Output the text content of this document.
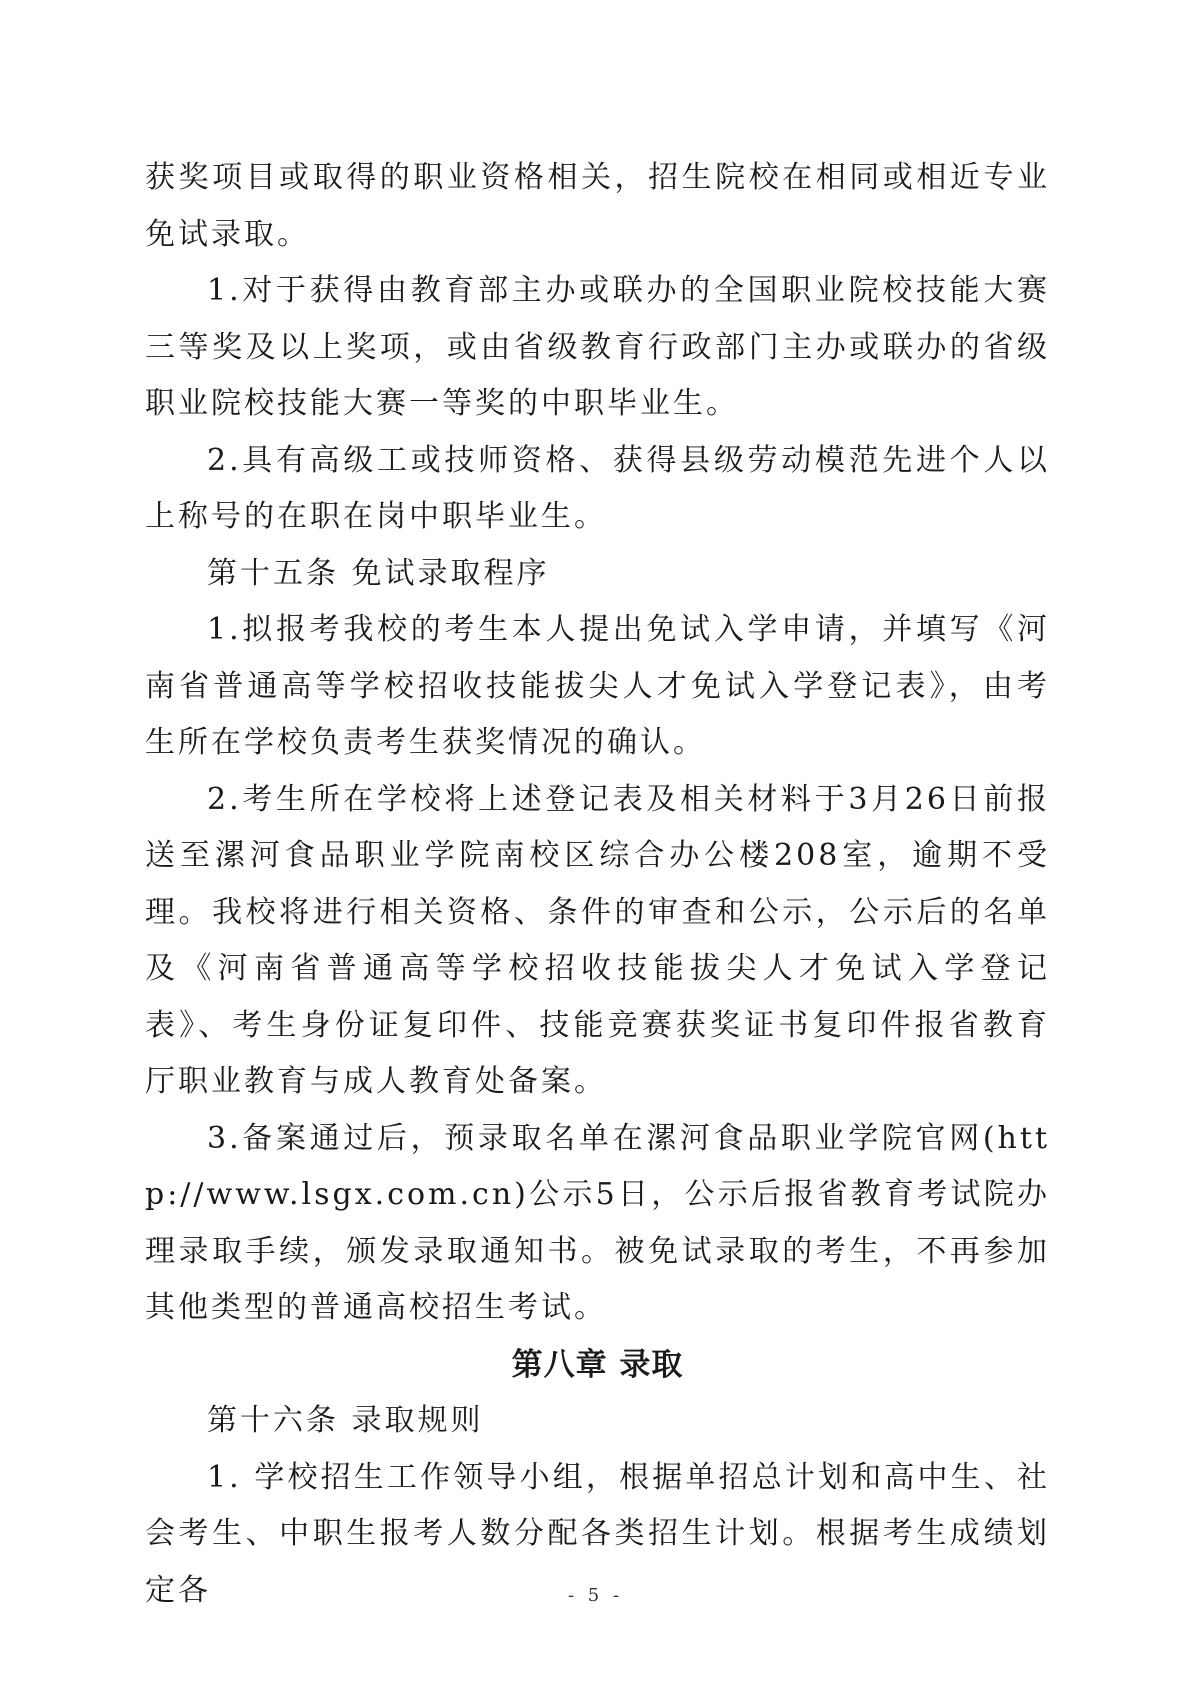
获奖项目或取得的职业资格相关，招生院校在相同或相近专业免试录取。

1.对于获得由教育部主办或联办的全国职业院校技能大赛三等奖及以上奖项，或由省级教育行政部门主办或联办的省级职业院校技能大赛一等奖的中职毕业生。

2.具有高级工或技师资格、获得县级劳动模范先进个人以上称号的在职在岗中职毕业生。

第十五条 免试录取程序

1.拟报考我校的考生本人提出免试入学申请，并填写《河南省普通高等学校招收技能拔尖人才免试入学登记表》，由考生所在学校负责考生获奖情况的确认。

2.考生所在学校将上述登记表及相关材料于3月26日前报送至漯河食品职业学院南校区综合办公楼208室，逾期不受理。我校将进行相关资格、条件的审查和公示，公示后的名单及《河南省普通高等学校招收技能拔尖人才免试入学登记表》、考生身份证复印件、技能竞赛获奖证书复印件报省教育厅职业教育与成人教育处备案。

3.备案通过后，预录取名单在漯河食品职业学院官网(http://www.lsgx.com.cn)公示5日，公示后报省教育考试院办理录取手续，颁发录取通知书。被免试录取的考生，不再参加其他类型的普通高校招生考试。

第八章 录取

第十六条 录取规则

1. 学校招生工作领导小组，根据单招总计划和高中生、社会考生、中职生报考人数分配各类招生计划。根据考生成绩划定各	- 5 -
